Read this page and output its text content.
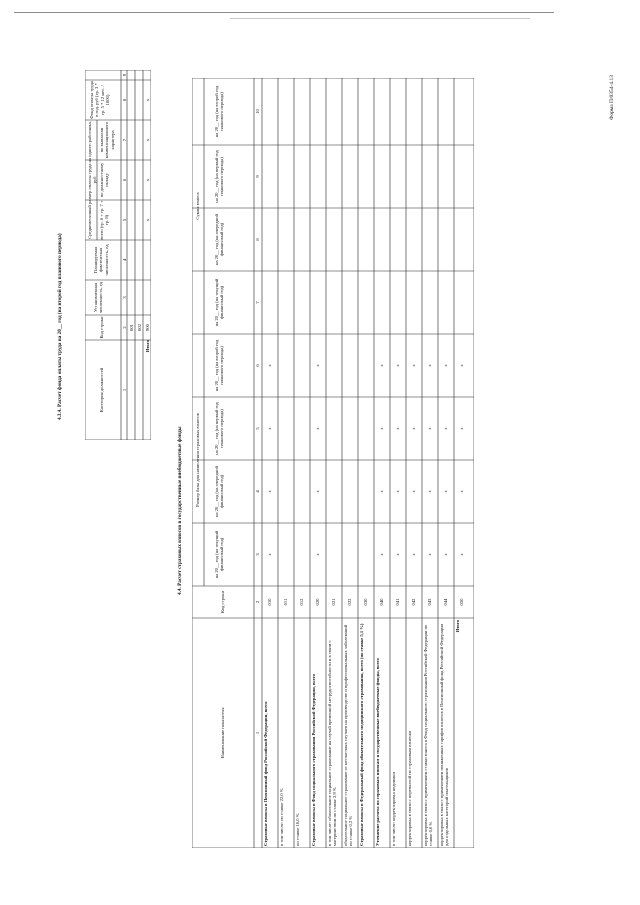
Форма П/0354-4.13
4.3.4. Расчет фонда оплаты труда на 20__ год (на второй год планового периода)	Категория должностей
Код строки
Установленная численность, ед
Планируемая фактическая численность, ед
Среднемесячный размер оплаты труда на одного работника, руб
всего (гр. 6 + гр. 7 + гр. 8)
по должностному окладу
по выплатам компенсационного характера
Фонд оплаты труда в год, руб (гр. 3 * гр. 5 * 12 мес. / 1000)
1
2
3
4
5
6
7
8
9
001 002
Итого
900
x
x
x
x
4.4. Расчет страховых взносов в государственные внебюджетные фонды
Наименование показателя
Код строки
Размер базы для начисления страховых взносов
Сумма взноса
на 20__ год (на текущий финансовый год)
на 20__ год (на очередной финансовый год)
на 20__ год (на первый год планового периода)
на 20__ год (на второй год планового периода)
на 20__ год (на текущий финансовый год)
на 20__ год (на очередной финансовый год)
на 20__ год (на первый год планового периода)
на 20__ год (на второй год планового периода)
1
2
3
4
5
6
7
8
9
10
Страховые взносы в Пенсионный фонд Российской Федерации, всего
010
x
x
x
x
в том числе: по ставке 22,0 %
011
по ставке 10,0 %
012
Страховые взносы в Фонд социального страхования Российской Федерации, всего
020
x
x
x
x
в том числе: обязательное социальное страхование на случай временной нетрудоспособности и в связи с материнством по ставке 2,9 %
021
обязательное социальное страхование от несчастных случаев на производстве и профессиональных заболеваний по ставке 0,2 %
022
Страховые взносы в Федеральный фонд обязательного медицинского страхования, всего (по ставке 5,1 %)
030
Уточнение расчета по страховым взносам в государственные внебюджетные фонды, всего
040
x
x
x
x
в том числе: корректировка недоимки
041
x
x
x
x
корректировка в связи с переплатой по страховым взносам
042
x
x
x
x
корректировка в связи с применением ставки взноса в Фонд социального страхования Российской Федерации по ставке 0,0 %
043
x
x
x
x
корректировка в связи с применением пониженных тарифов взносов в Пенсионный фонд Российской Федерации для отдельных категорий плательщиков
044
x
x
x
x
Итого
050
x
x
x
x
